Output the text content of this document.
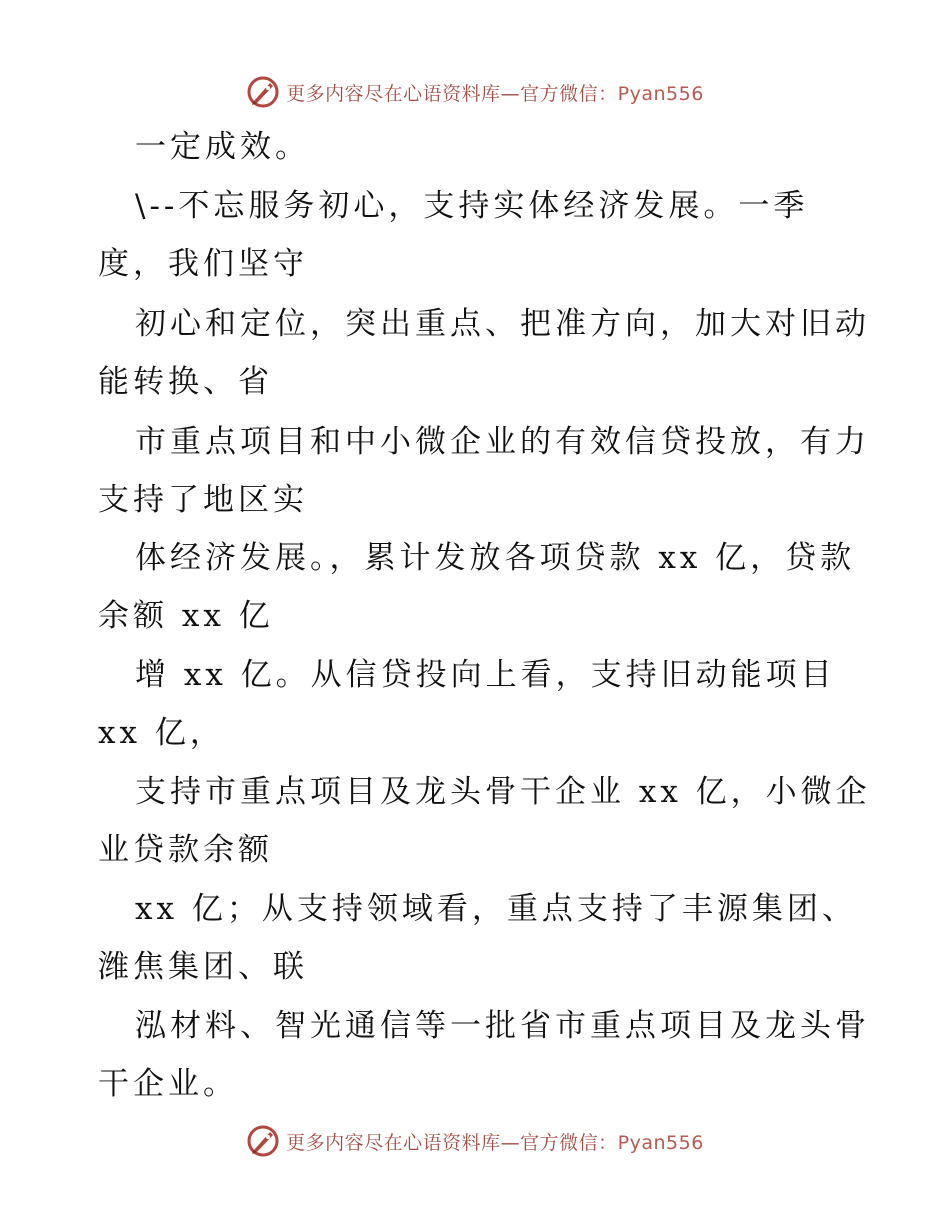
更多内容尽在心语资料库—官方微信：Pyan556
一定成效。
\--不忘服务初心，支持实体经济发展。一季
度，我们坚守
初心和定位，突出重点、把准方向，加大对旧动
能转换、省
市重点项目和中小微企业的有效信贷投放，有力
支持了地区实
体经济发展。，累计发放各项贷款 xx 亿，贷款
余额 xx 亿
增 xx 亿。从信贷投向上看，支持旧动能项目
xx 亿，
支持市重点项目及龙头骨干企业 xx 亿，小微企
业贷款余额
xx 亿；从支持领域看，重点支持了丰源集团、
潍焦集团、联
泓材料、智光通信等一批省市重点项目及龙头骨
干企业。
更多内容尽在心语资料库—官方微信：Pyan556
